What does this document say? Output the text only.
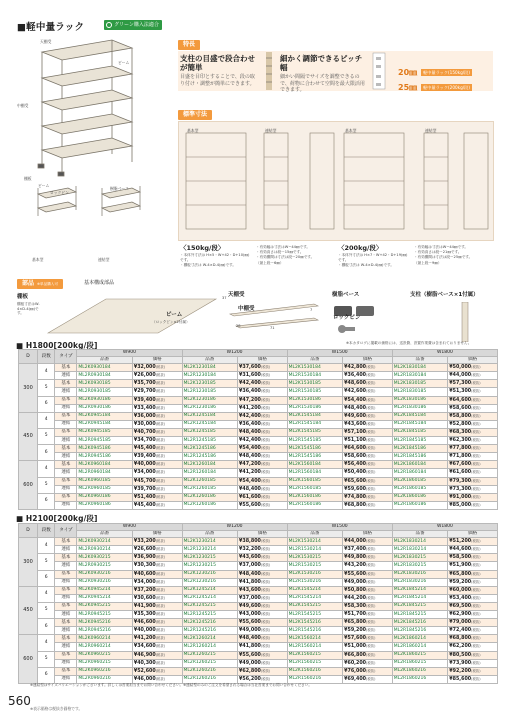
■軽中量ラック	グリーン購入法適合
天棚受
中棚受
棚板
ビーム
ロックピン
樹脂ベース
ビーム
基本型	連結型
特長
支柱の目盛で段合わせが簡単
目盛を目印とすることで、段の取り付け・調整が簡単にできます。
細かく調節できるピッチ幅
細かい間隔でサイズを調整できるので、荷物に合わせて空間を最大限活用できます。
20㎜	軽中量ラック(150kg/段)
25㎜	軽中量ラック(200kg/段)
標準寸法
基本型	連結型	基本型	連結型
〈150kg/段〉
・本体外寸法は H×5・W+42・D+10(㎜)です。
・棚板寸法は W-4×D-4(㎜)です。
・有効幅は寸法はW−44㎜です。
・有効高さは段ー15㎜です。
・有効棚間は寸法は段ー20㎜です。
（最上段ー6㎜）
〈200kg/段〉
・本体外寸法は H×7・W+42・D+19(㎜)です。
・棚板寸法は W-4×D-4(㎜)です。
・有効幅は寸法はW−44㎜です。
・有効高さは段ー21㎜です。
・有効棚間は寸法は段ー25㎜です。
（最上段ー9㎜）
部品 ※単品購入可	基本構成部品
棚板
棚板寸法はW-4×D-4(㎜)です。
天棚受
中棚受
ビーム
（ロックピン×2付属）
37
71
28
7
樹脂ベース
ロックピン
支柱（樹脂ベース×1付属）
※本カタログに掲載の価格には、送設費、設置作業費は含まれておりません。
■ H1800[200kg/段]
D	段数	タイプ	W900		W1200		W1500		W1800	
			品番	価格	品番	価格	品番	価格	品番	価格
300	4	基本	ML2K0930184	¥32,000(税抜)	ML2K1230184	¥37,600(税抜)	ML2K1530184	¥42,800(税抜)	ML2K1830184	¥50,000(税抜)
		連結	ML2R0930184	¥26,000(税抜)	ML2R1230184	¥31,600(税抜)	ML2R1530184	¥36,400(税抜)	ML2R1830184	¥44,000(税抜)
	5	基本	ML2K0930185	¥35,700(税抜)	ML2K1230185	¥42,400(税抜)	ML2K1530185	¥48,600(税抜)	ML2K1830185	¥57,300(税抜)
		連結	ML2R0930185	¥29,700(税抜)	ML2R1230185	¥36,400(税抜)	ML2R1530185	¥42,600(税抜)	ML2R1830185	¥51,300(税抜)
	6	基本	ML2K0930186	¥39,400(税抜)	ML2K1230186	¥47,200(税抜)	ML2K1530186	¥54,400(税抜)	ML2K1830186	¥64,600(税抜)
		連結	ML2R0930186	¥33,400(税抜)	ML2R1230186	¥41,200(税抜)	ML2R1530186	¥48,400(税抜)	ML2R1830186	¥58,600(税抜)
450	4	基本	ML2K0945184	¥36,000(税抜)	ML2K1245184	¥42,400(税抜)	ML2K1545184	¥49,600(税抜)	ML2K1845184	¥58,800(税抜)
		連結	ML2R0945184	¥30,000(税抜)	ML2R1245184	¥36,400(税抜)	ML2R1545184	¥43,600(税抜)	ML2R1845184	¥52,800(税抜)
	5	基本	ML2K0945185	¥40,700(税抜)	ML2K1245185	¥48,400(税抜)	ML2K1545185	¥57,100(税抜)	ML2K1845185	¥68,300(税抜)
		連結	ML2R0945185	¥34,700(税抜)	ML2R1245185	¥42,400(税抜)	ML2R1545185	¥51,100(税抜)	ML2R1845185	¥62,300(税抜)
	6	基本	ML2K0945186	¥45,400(税抜)	ML2K1245186	¥54,400(税抜)	ML2K1545186	¥64,600(税抜)	ML2K1845186	¥77,800(税抜)
		連結	ML2R0945186	¥39,400(税抜)	ML2R1245186	¥48,400(税抜)	ML2R1545186	¥58,600(税抜)	ML2R1845186	¥71,800(税抜)
600	4	基本	ML2K0960184	¥40,000(税抜)	ML2K1260184	¥47,200(税抜)	ML2K1560184	¥56,400(税抜)	ML2K1860184	¥67,600(税抜)
		連結	ML2R0960184	¥34,000(税抜)	ML2R1260184	¥41,200(税抜)	ML2R1560184	¥50,400(税抜)	ML2R1860184	¥61,600(税抜)
	5	基本	ML2K0960185	¥45,700(税抜)	ML2K1260185	¥54,400(税抜)	ML2K1560185	¥65,600(税抜)	ML2K1860185	¥79,300(税抜)
		連結	ML2R0960185	¥39,700(税抜)	ML2R1260185	¥48,400(税抜)	ML2R1560185	¥59,600(税抜)	ML2R1860185	¥73,300(税抜)
	6	基本	ML2K0960186	¥51,400(税抜)	ML2K1260186	¥61,600(税抜)	ML2K1560186	¥74,800(税抜)	ML2K1860186	¥91,000(税抜)
		連結	ML2R0960186	¥45,400(税抜)	ML2R1260186	¥55,600(税抜)	ML2R1560186	¥68,800(税抜)	ML2R1860186	¥85,000(税抜)
■ H2100[200kg/段]
D	段数	タイプ	W900		W1200		W1500		W1800	
			品番	価格	品番	価格	品番	価格	品番	価格
300	4	基本	ML2K0930214	¥33,200(税抜)	ML2K1230214	¥38,800(税抜)	ML2K1530214	¥44,000(税抜)	ML2K1830214	¥51,200(税抜)
		連結	ML2R0930214	¥26,600(税抜)	ML2R1230214	¥32,200(税抜)	ML2R1530214	¥37,400(税抜)	ML2R1830214	¥44,600(税抜)
	5	基本	ML2K0930215	¥36,900(税抜)	ML2K1230215	¥43,600(税抜)	ML2K1530215	¥49,800(税抜)	ML2K1830215	¥58,500(税抜)
		連結	ML2R0930215	¥30,300(税抜)	ML2R1230215	¥37,000(税抜)	ML2R1530215	¥43,200(税抜)	ML2R1830215	¥51,900(税抜)
	6	基本	ML2K0930216	¥40,600(税抜)	ML2K1230216	¥48,400(税抜)	ML2K1530216	¥55,600(税抜)	ML2K1830216	¥65,800(税抜)
		連結	ML2R0930216	¥34,000(税抜)	ML2R1230216	¥41,800(税抜)	ML2R1530216	¥49,000(税抜)	ML2R1830216	¥59,200(税抜)
450	4	基本	ML2K0945214	¥37,200(税抜)	ML2K1245214	¥43,600(税抜)	ML2K1545214	¥50,800(税抜)	ML2K1845214	¥60,000(税抜)
		連結	ML2R0945214	¥30,600(税抜)	ML2R1245214	¥37,000(税抜)	ML2R1545214	¥44,200(税抜)	ML2R1845214	¥53,400(税抜)
	5	基本	ML2K0945215	¥41,900(税抜)	ML2K1245215	¥49,600(税抜)	ML2K1545215	¥58,300(税抜)	ML2K1845215	¥69,500(税抜)
		連結	ML2R0945215	¥35,300(税抜)	ML2R1245215	¥43,000(税抜)	ML2R1545215	¥51,700(税抜)	ML2R1845215	¥62,900(税抜)
	6	基本	ML2K0945216	¥46,600(税抜)	ML2K1245216	¥55,600(税抜)	ML2K1545216	¥65,800(税抜)	ML2K1845216	¥79,000(税抜)
		連結	ML2R0945216	¥40,000(税抜)	ML2R1245216	¥49,000(税抜)	ML2R1545216	¥59,200(税抜)	ML2R1845216	¥72,400(税抜)
600	4	基本	ML2K0960214	¥41,200(税抜)	ML2K1260214	¥48,400(税抜)	ML2K1560214	¥57,600(税抜)	ML2K1860214	¥68,800(税抜)
		連結	ML2R0960214	¥34,600(税抜)	ML2R1260214	¥41,800(税抜)	ML2R1560214	¥51,000(税抜)	ML2R1860214	¥62,200(税抜)
	5	基本	ML2K0960215	¥46,900(税抜)	ML2K1260215	¥55,600(税抜)	ML2K1560215	¥66,800(税抜)	ML2K1860215	¥80,500(税抜)
		連結	ML2R0960215	¥40,300(税抜)	ML2R1260215	¥49,000(税抜)	ML2R1560215	¥60,200(税抜)	ML2R1860215	¥73,900(税抜)
	6	基本	ML2K0960216	¥52,600(税抜)	ML2K1260216	¥62,800(税抜)	ML2K1560216	¥76,000(税抜)	ML2K1860216	¥92,200(税抜)
		連結	ML2R0960216	¥46,000(税抜)	ML2R1260216	¥56,200(税抜)	ML2R1560216	¥69,400(税抜)	ML2R1860216	¥85,600(税抜)
※連結型はサイズバリエーションがございます。詳しくは営業担当までお問い合わせください。※連結型のみのご注文を希望される場合は当社営業までお問い合わせください。
560
※表示価格は税抜き価格です。
